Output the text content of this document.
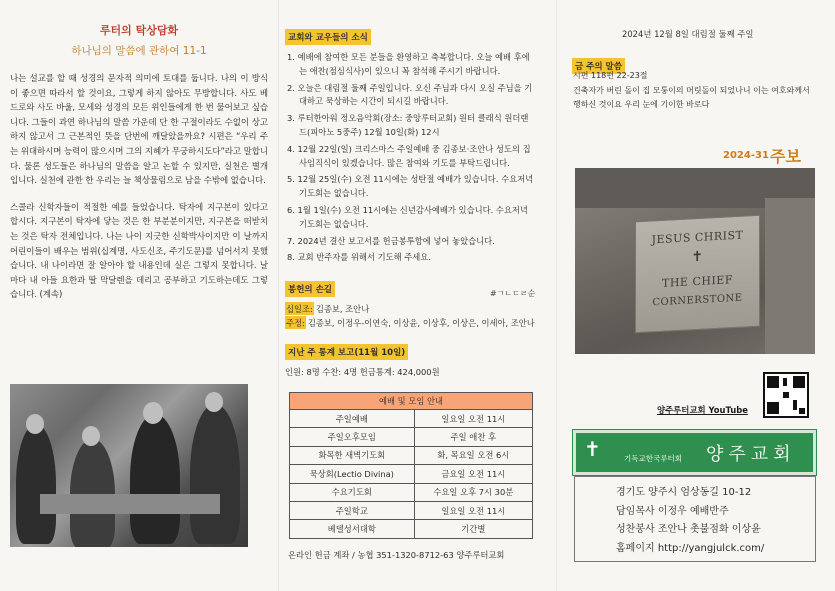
루터의 탁상담화
하나님의 말씀에 관하여 11-1

나는 설교를 할 때 성경의 문자적 의미에 토대를 둡니다. 나의 이 방식이 좋으면 따라서 할 것이요, 그렇게 하지 않아도 무방합니다. 사도 베드로와 사도 바울, 모세와 성경의 모든 위인들에게 한 번 물어보고 싶습니다. 그들이 과연 하나님의 말씀 가운데 단 한 구절이라도 수없이 상고하지 않고서 그 근본적인 뜻을 단번에 깨달았을까요? 시편은 “우리 주는 위대하시며 능력이 많으시며 그의 지혜가 무궁하시도다”라고 말합니다. 물론 성도들은 하나님의 말씀을 알고 논할 수 있지만, 실천은 별개입니다. 실천에 관한 한 우리는 늘 책상물림으로 남을 수밖에 없습니다.

스콜라 신학자들이 적절한 예를 들었습니다. 탁자에 지구본이 있다고 합시다. 지구본이 탁자에 닿는 것은 한 부분분이지만, 지구본을 떠받치는 것은 탁자 전체입니다. 나는 나이 지긋한 신학박사이지만 이 날까지 어린이들이 배우는 범위(십계명, 사도신조, 주기도문)를 넘어서지 못했습니다. 내 나이라면 잘 알아야 할 내용인데 실은 그렇지 못합니다. 날마다 내 아들 요한과 딸 막달렌을 데리고 공부하고 기도하는데도 그렇습니다. (계속)

교회와 교우들의 소식
1. 예배에 참여한 모든 분들을 환영하고 축복합니다. 오늘 예배 후에는 애찬(점심식사)이 있으니 꼭 참석해 주시기 바랍니다.
2. 오늘은 대림절 둘째 주일입니다. 오신 주님과 다시 오실 주님을 기대하고 묵상하는 시간이 되시길 바랍니다.
3. 루터한아워 정오음악회(장소: 중앙루터교회) 원터 클래식 원더랜드(피아노 5중주) 12월 10일(화) 12시
4. 12월 22일(일) 크리스마스 주일예배 중 김종보·조안나 성도의 집사임직식이 있겠습니다. 많은 참여와 기도를 부탁드립니다.
5. 12월 25일(수) 오전 11시에는 성탄절 예배가 있습니다. 수요저녁기도회는 없습니다.
6. 1월 1일(수) 오전 11시에는 신년감사예배가 있습니다. 수요저녁기도회는 없습니다.
7. 2024년 결산 보고서를 헌금봉투함에 넣어 놓았습니다.
8. 교회 반주자를 위해서 기도해 주세요.
봉헌의 손길
십일조: 김종보, 조안나
주정: 김종보, 이정우-이연숙, 이상윤, 이상후, 이상은, 이세아, 조안나
지난 주 통계 보고(11월 10일)
인원: 8명 수찬: 4명 헌금통계: 424,000원
#ㄱㄴㄷㄹ순
예배 및 모임 안내	
주일예배	일요일 오전 11시
주일오후모임	주일 애찬 후
화목한 새벽기도회	화, 목요일 오전 6시
묵상회(Lectio Divina)	금요일 오전 11시
수요기도회	수요일 오후 7시 30분
주일학교	일요일 오전 11시
베델성서대학	기간별
온라인 헌금 계좌 / 농협 351-1320-8712-63 양주루터교회
2024년 12월 8일 대림절 둘째 주일
금 주의 말씀
시편 118편 22-23절
건축자가 버린 돌이 집 모퉁이의 머릿돌이 되었나니 이는 여호와께서 행하신 것이요 우리 눈에 기이한 바로다
2024-31 주보
JESUS CHRIST
✝
THE CHIEF
CORNERSTONE
양주루터교회 YouTube
✝	기독교한국루터회 양주교회
경기도 양주시 엄상동길 10-12
담임목사 이정우 예배반주
성찬봉사 조안나 촛불점화 이상윤
홈페이지 http://yangjulck.com/
